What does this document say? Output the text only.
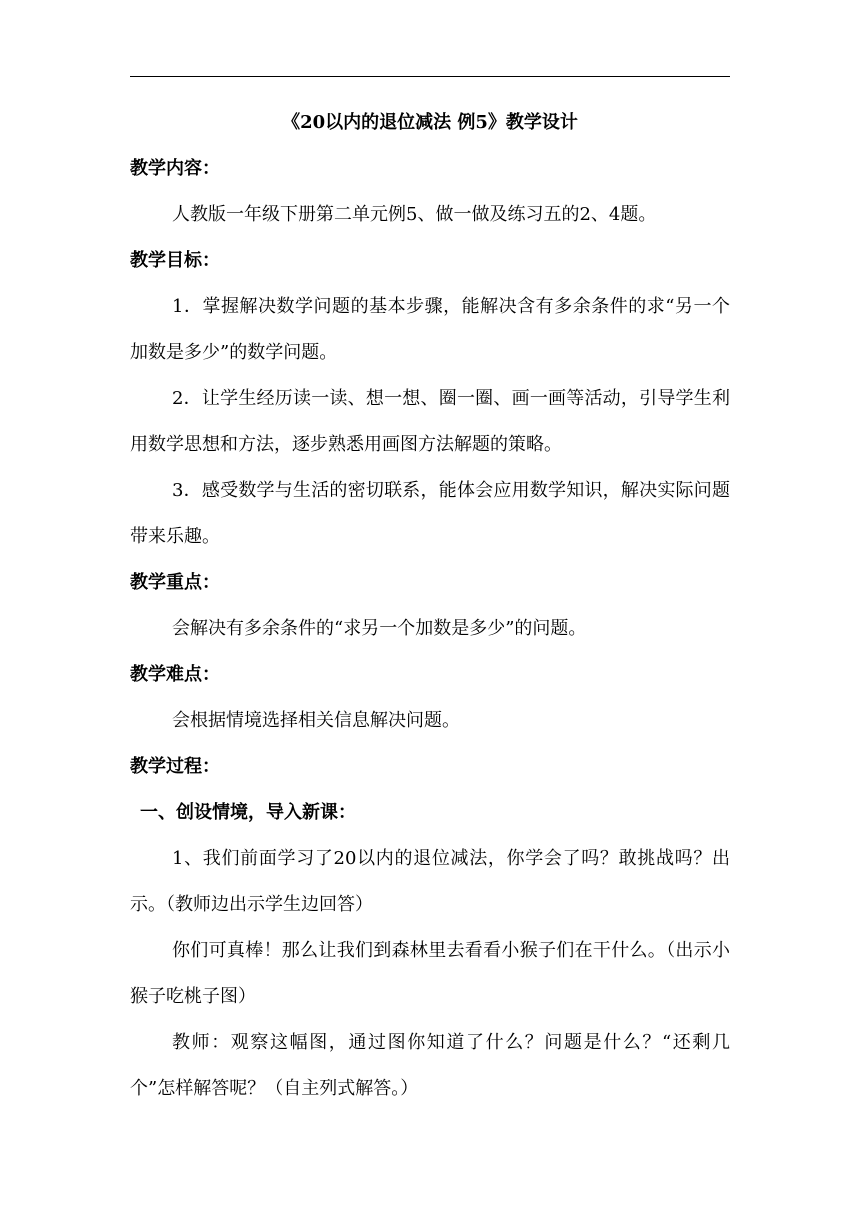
《20以内的退位减法 例5》教学设计
教学内容：

人教版一年级下册第二单元例5、做一做及练习五的2、4题。

教学目标：

1．掌握解决数学问题的基本步骤，能解决含有多余条件的求“另一个加数是多少”的数学问题。

2．让学生经历读一读、想一想、圈一圈、画一画等活动，引导学生利用数学思想和方法，逐步熟悉用画图方法解题的策略。

3．感受数学与生活的密切联系，能体会应用数学知识，解决实际问题带来乐趣。

教学重点：

会解决有多余条件的“求另一个加数是多少”的问题。

教学难点：

会根据情境选择相关信息解决问题。

教学过程：
一、创设情境，导入新课：

1、我们前面学习了20以内的退位减法，你学会了吗？敢挑战吗？出示。（教师边出示学生边回答）

你们可真棒！那么让我们到森林里去看看小猴子们在干什么。（出示小猴子吃桃子图）

教师：观察这幅图，通过图你知道了什么？问题是什么？“还剩几个”怎样解答呢？（自主列式解答。）
